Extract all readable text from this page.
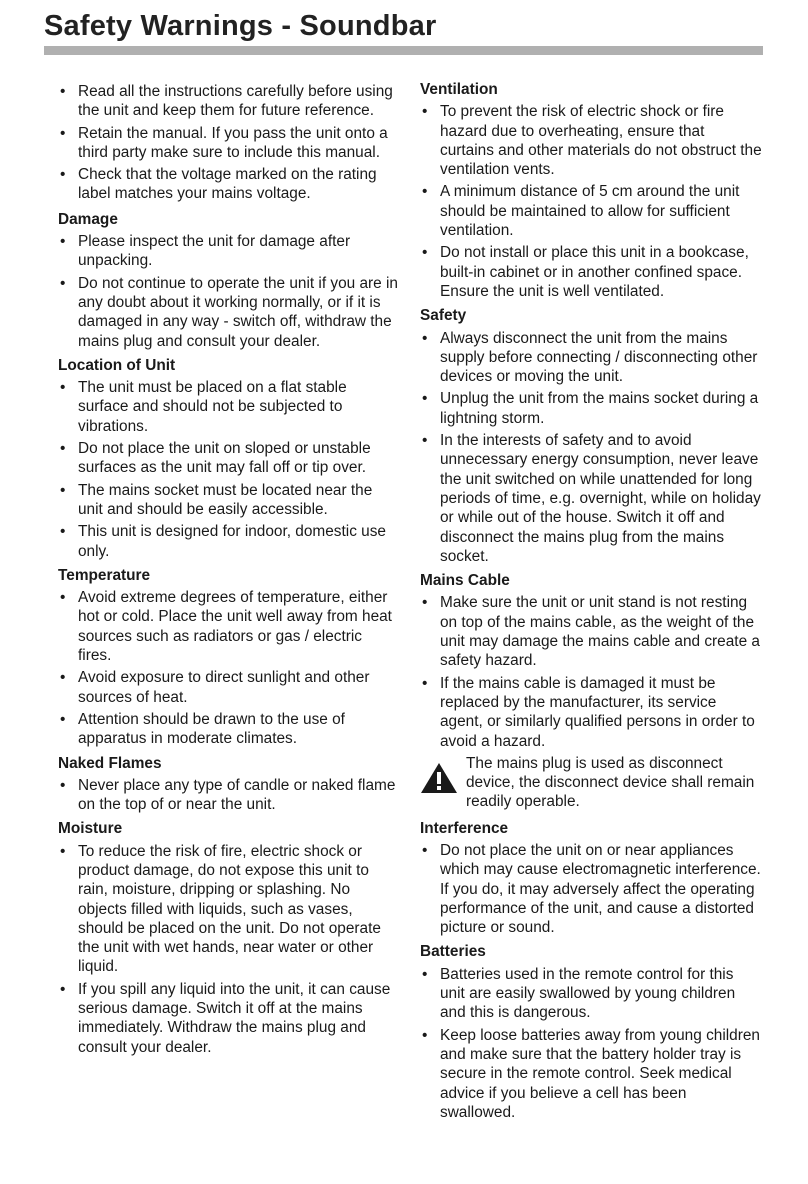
Safety Warnings - Soundbar
• Read all the instructions carefully before using the unit and keep them for future reference.
• Retain the manual. If you pass the unit onto a third party make sure to include this manual.
• Check that the voltage marked on the rating label matches your mains voltage.
Damage
• Please inspect the unit for damage after unpacking.
• Do not continue to operate the unit if you are in any doubt about it working normally, or if it is damaged in any way - switch off, withdraw the mains plug and consult your dealer.
Location of Unit
• The unit must be placed on a flat stable surface and should not be subjected to vibrations.
• Do not place the unit on sloped or unstable surfaces as the unit may fall off or tip over.
• The mains socket must be located near the unit and should be easily accessible.
• This unit is designed for indoor, domestic use only.
Temperature
• Avoid extreme degrees of temperature, either hot or cold. Place the unit well away from heat sources such as radiators or gas / electric fires.
• Avoid exposure to direct sunlight and other sources of heat.
• Attention should be drawn to the use of apparatus in moderate climates.
Naked Flames
• Never place any type of candle or naked flame on the top of or near the unit.
Moisture
• To reduce the risk of fire, electric shock or product damage, do not expose this unit to rain, moisture, dripping or splashing. No objects filled with liquids, such as vases, should be placed on the unit. Do not operate the unit with wet hands, near water or other liquid.
• If you spill any liquid into the unit, it can cause serious damage. Switch it off at the mains immediately. Withdraw the mains plug and consult your dealer.
Ventilation
• To prevent the risk of electric shock or fire hazard due to overheating, ensure that curtains and other materials do not obstruct the ventilation vents.
• A minimum distance of 5 cm around the unit should be maintained to allow for sufficient ventilation.
• Do not install or place this unit in a bookcase, built-in cabinet or in another confined space. Ensure the unit is well ventilated.
Safety
• Always disconnect the unit from the mains supply before connecting / disconnecting other devices or moving the unit.
• Unplug the unit from the mains socket during a lightning storm.
• In the interests of safety and to avoid unnecessary energy consumption, never leave the unit switched on while unattended for long periods of time, e.g. overnight, while on holiday or while out of the house. Switch it off and disconnect the mains plug from the mains socket.
Mains Cable
• Make sure the unit or unit stand is not resting on top of the mains cable, as the weight of the unit may damage the mains cable and create a safety hazard.
• If the mains cable is damaged it must be replaced by the manufacturer, its service agent, or similarly qualified persons in order to avoid a hazard.
The mains plug is used as disconnect device, the disconnect device shall remain readily operable.
Interference
• Do not place the unit on or near appliances which may cause electromagnetic interference. If you do, it may adversely affect the operating performance of the unit, and cause a distorted picture or sound.
Batteries
• Batteries used in the remote control for this unit are easily swallowed by young children and this is dangerous.
• Keep loose batteries away from young children and make sure that the battery holder tray is secure in the remote control. Seek medical advice if you believe a cell has been swallowed.
